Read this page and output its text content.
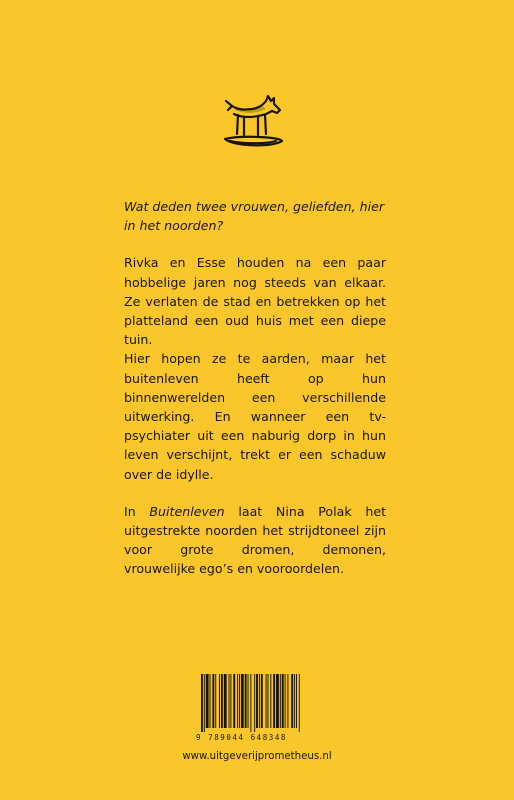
Wat deden twee vrouwen, geliefden, hier in het noorden?

Rivka en Esse houden na een paar hobbelige jaren nog steeds van elkaar. Ze verlaten de stad en betrekken op het platteland een oud huis met een diepe tuin.

Hier hopen ze te aarden, maar het buitenleven heeft op hun binnenwerelden een verschillende uitwerking. En wanneer een tv-psychiater uit een naburig dorp in hun leven verschijnt, trekt er een schaduw over de idylle.

In Buitenleven laat Nina Polak het uitgestrekte noorden het strijdtoneel zijn voor grote dromen, demonen, vrouwelijke ego’s en vooroordelen.

9 789044 648348
www.uitgeverijprometheus.nl
